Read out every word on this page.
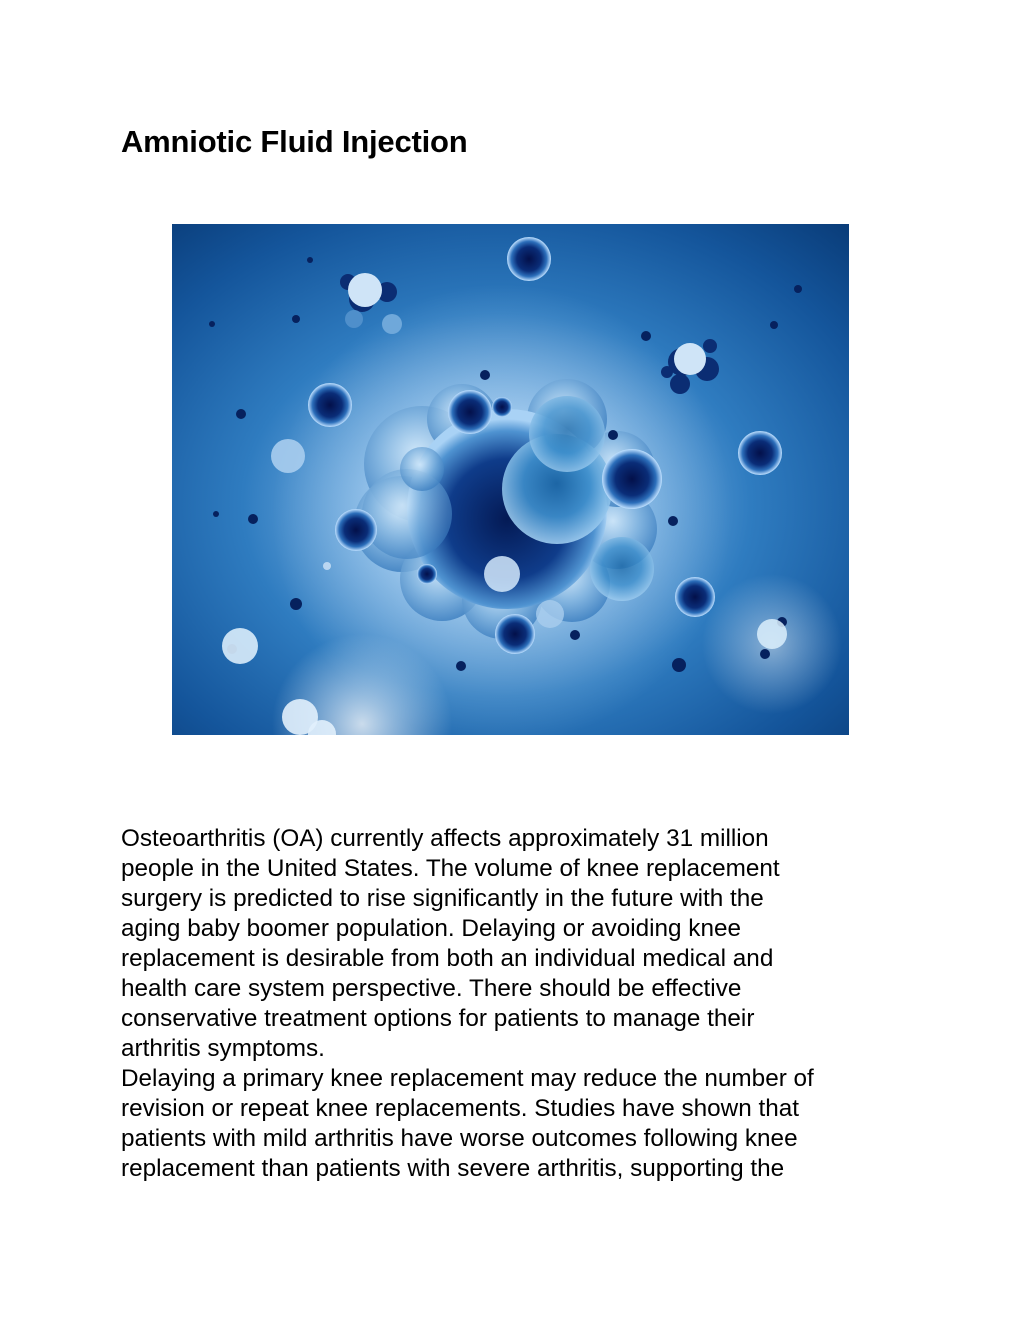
Amniotic Fluid Injection

Osteoarthritis (OA) currently affects approximately 31 million
people in the United States. The volume of knee replacement
surgery is predicted to rise significantly in the future with the
aging baby boomer population. Delaying or avoiding knee
replacement is desirable from both an individual medical and
health care system perspective. There should be effective
conservative treatment options for patients to manage their
arthritis symptoms.

Delaying a primary knee replacement may reduce the number of
revision or repeat knee replacements. Studies have shown that
patients with mild arthritis have worse outcomes following knee
replacement than patients with severe arthritis, supporting the
